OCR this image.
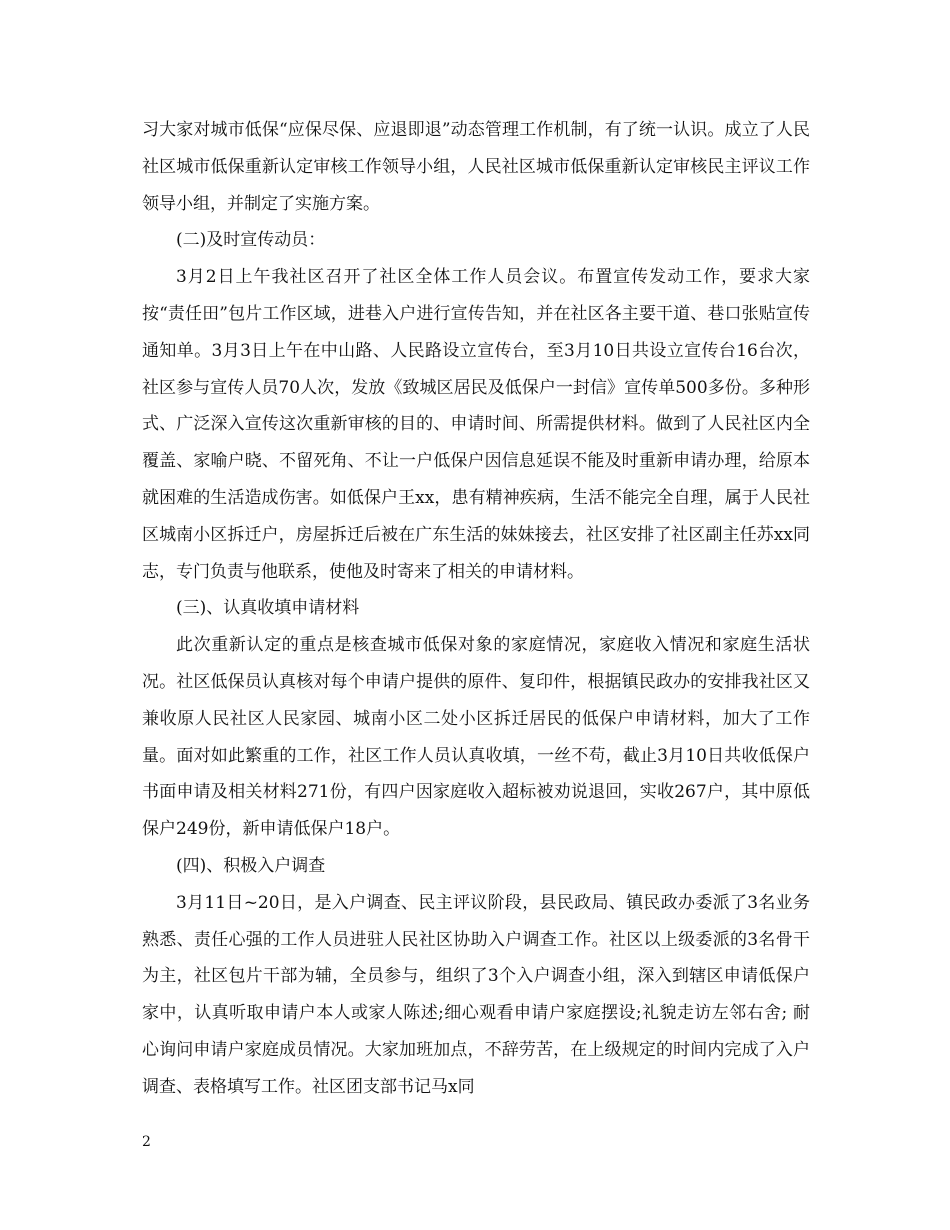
习大家对城市低保“应保尽保、应退即退”动态管理工作机制，有了统一认识。成立了人民社区城市低保重新认定审核工作领导小组，人民社区城市低保重新认定审核民主评议工作领导小组，并制定了实施方案。

(二)及时宣传动员：

3月2日上午我社区召开了社区全体工作人员会议。布置宣传发动工作，要求大家按“责任田”包片工作区域，进巷入户进行宣传告知，并在社区各主要干道、巷口张贴宣传通知单。3月3日上午在中山路、人民路设立宣传台，至3月10日共设立宣传台16台次，社区参与宣传人员70人次，发放《致城区居民及低保户一封信》宣传单500多份。多种形式、广泛深入宣传这次重新审核的目的、申请时间、所需提供材料。做到了人民社区内全覆盖、家喻户晓、不留死角、不让一户低保户因信息延误不能及时重新申请办理，给原本就困难的生活造成伤害。如低保户王xx，患有精神疾病，生活不能完全自理，属于人民社区城南小区拆迁户，房屋拆迁后被在广东生活的妹妹接去，社区安排了社区副主任苏xx同志，专门负责与他联系，使他及时寄来了相关的申请材料。

(三)、认真收填申请材料

此次重新认定的重点是核查城市低保对象的家庭情况，家庭收入情况和家庭生活状况。社区低保员认真核对每个申请户提供的原件、复印件，根据镇民政办的安排我社区又兼收原人民社区人民家园、城南小区二处小区拆迁居民的低保户申请材料，加大了工作量。面对如此繁重的工作，社区工作人员认真收填，一丝不苟，截止3月10日共收低保户书面申请及相关材料271份，有四户因家庭收入超标被劝说退回，实收267户，其中原低保户249份，新申请低保户18户。

(四)、积极入户调查

3月11日~20日，是入户调查、民主评议阶段，县民政局、镇民政办委派了3名业务熟悉、责任心强的工作人员进驻人民社区协助入户调查工作。社区以上级委派的3名骨干为主，社区包片干部为辅，全员参与，组织了3个入户调查小组，深入到辖区申请低保户家中，认真听取申请户本人或家人陈述;细心观看申请户家庭摆设;礼貌走访左邻右舍; 耐心询问申请户家庭成员情况。大家加班加点，不辞劳苦，在上级规定的时间内完成了入户调查、表格填写工作。社区团支部书记马x同

2
